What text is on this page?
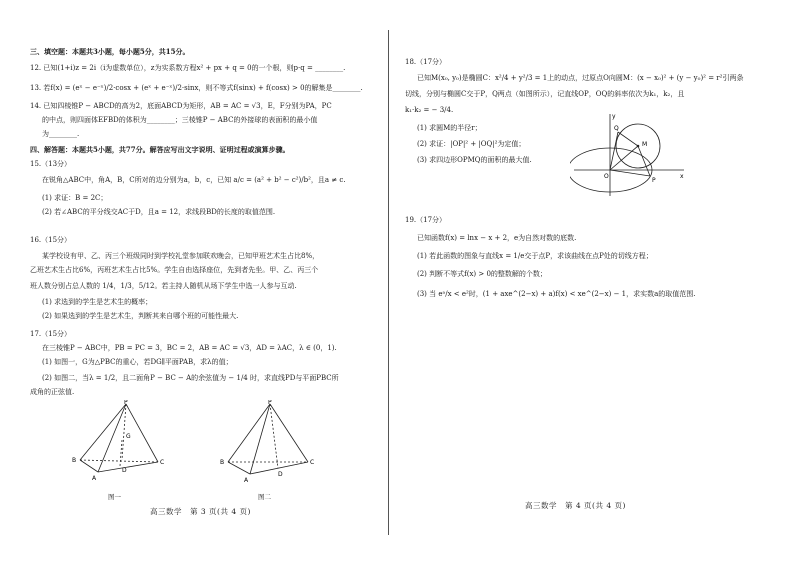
三、填空题：本题共3小题，每小题5分，共15分。
12. 已知(1+i)z = 2i（i为虚数单位），z为实系数方程x² + px + q = 0的一个根，则p·q = ________.
13. 若f(x) = (eˣ − e⁻ˣ)/2·cosx + (eˣ + e⁻ˣ)/2·sinx，则不等式f(sinx) + f(cosx) > 0的解集是________.
14. 已知四棱锥P − ABCD的高为2，底面ABCD为矩形，AB = AC = √3，E，F分别为PA，PC
的中点，则四面体EFBD的体积为________；三棱锥P − ABC的外接球的表面积的最小值
为________.
四、解答题：本题共5小题，共77分。解答应写出文字说明、证明过程或演算步骤。
15.（13分）
在锐角△ABC中，角A，B，C所对的边分别为a，b，c，已知 a/c = (a² + b² − c²)/b²，且a ≠ c.
(1) 求证：B = 2C；
(2) 若∠ABC的平分线交AC于D，且a = 12，求线段BD的长度的取值范围.
16.（15分）
某学校设有甲、乙、丙三个班级同时到学校礼堂参加联欢晚会，已知甲班艺术生占比8%，
乙班艺术生占比6%，丙班艺术生占比5%。学生自由选择座位，先到者先坐。甲、乙、丙三个
班人数分别占总人数的 1/4，1/3，5/12。若主持人随机从场下学生中选一人参与互动.
(1) 求选到的学生是艺术生的概率；
(2) 如果选到的学生是艺术生，判断其来自哪个班的可能性最大.
17.（15分）
在三棱锥P − ABC中，PB = PC = 3，BC = 2，AB = AC = √3，AD = λAC，λ ∈ (0，1).
(1) 如图一，G为△PBC的重心，若DG∥平面PAB，求λ的值；
(2) 如图二，当λ = 1/2，且二面角P − BC − A的余弦值为 − 1/4 时，求直线PD与平面PBC所
成角的正弦值.
P
B
A
C
D
G
图一
P
B
A
C
D
图二
高三数学　第 3 页(共 4 页)
18.（17分）
已知M(x₀, y₀)是椭圆C：x²/4 + y²/3 = 1上的动点，过原点O向圆M：(x − x₀)² + (y − y₀)² = r²引两条
切线，分别与椭圆C交于P，Q两点（如图所示），记直线OP，OQ的斜率依次为k₁，k₂，且
k₁·k₂ = − 3/4.
(1) 求圆M的半径r；
(2) 求证：|OP|² + |OQ|²为定值；
(3) 求四边形OPMQ的面积的最大值.
19.（17分）
已知函数f(x) = lnx − x + 2，e为自然对数的底数.
(1) 若此函数的图象与直线x = 1/e交于点P，求该曲线在点P处的切线方程；
(2) 判断不等式f(x) > 0的整数解的个数；
(3) 当 eᵃ/x < e²时，(1 + axe^(2−x) + a)f(x) < xe^(2−x) − 1，求实数a的取值范围.
O
M
Q
P
x
y
高三数学　第 4 页(共 4 页)
